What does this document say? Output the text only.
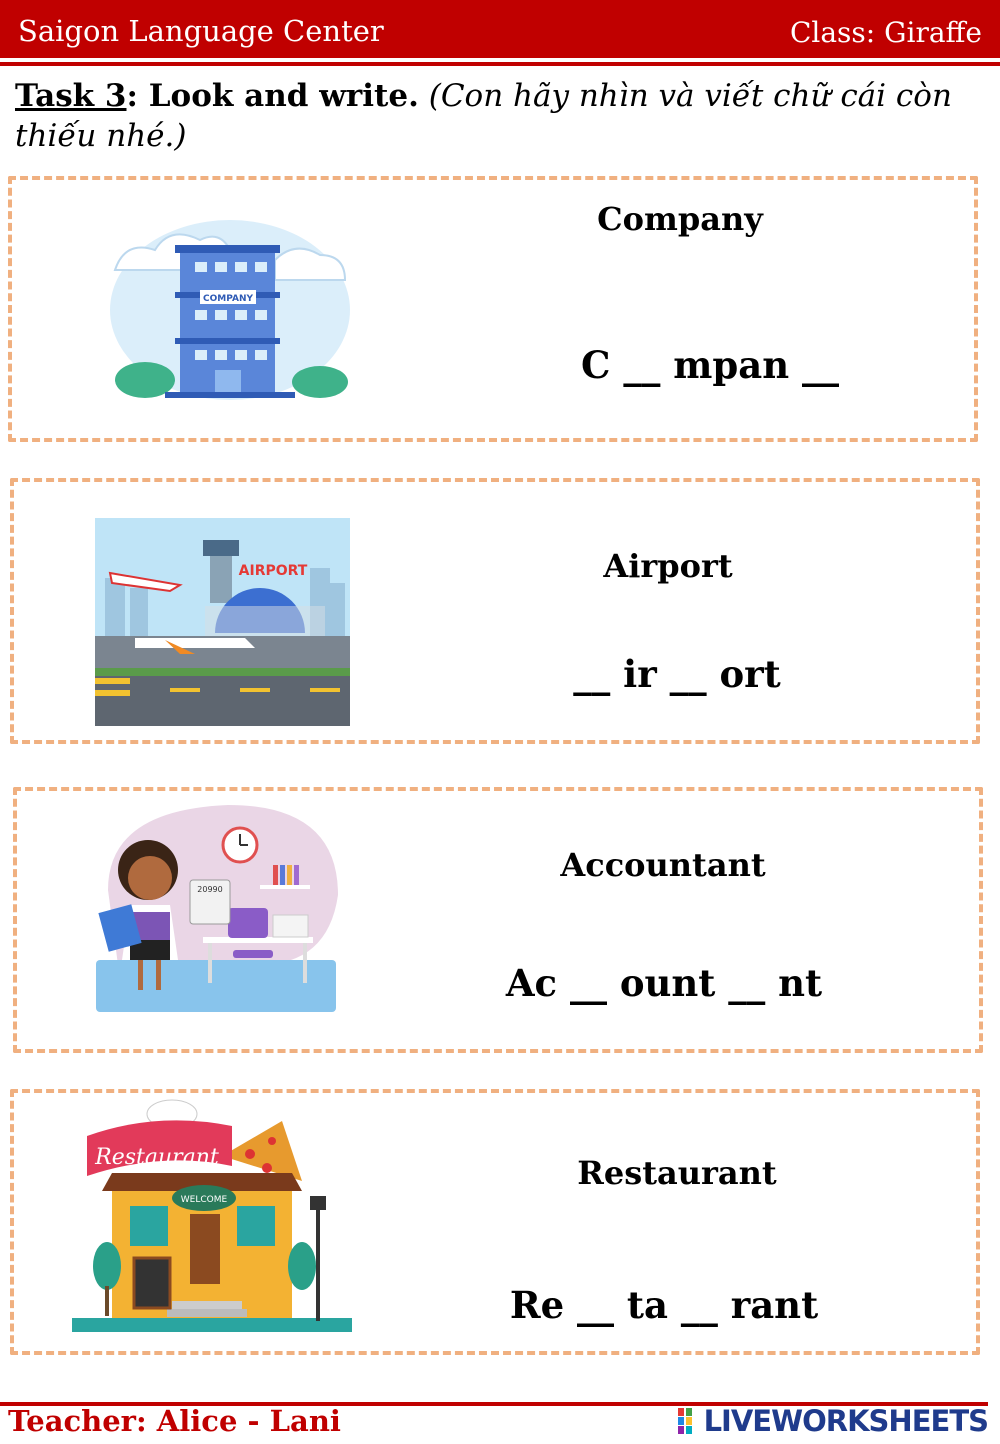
Saigon Language Center	Class: Giraffe
Task 3: Look and write. (Con hãy nhìn và viết chữ cái còn thiếu nhé.)
COMPANY
Company
C __ mpan __
AIRPORT	Airport
__ ir __ ort
20990
Accountant
Ac __ ount __ nt
Restaurant
WELCOME
Restaurant
Re __ ta __ rant
Teacher: Alice - Lani	LIVEWORKSHEETS
